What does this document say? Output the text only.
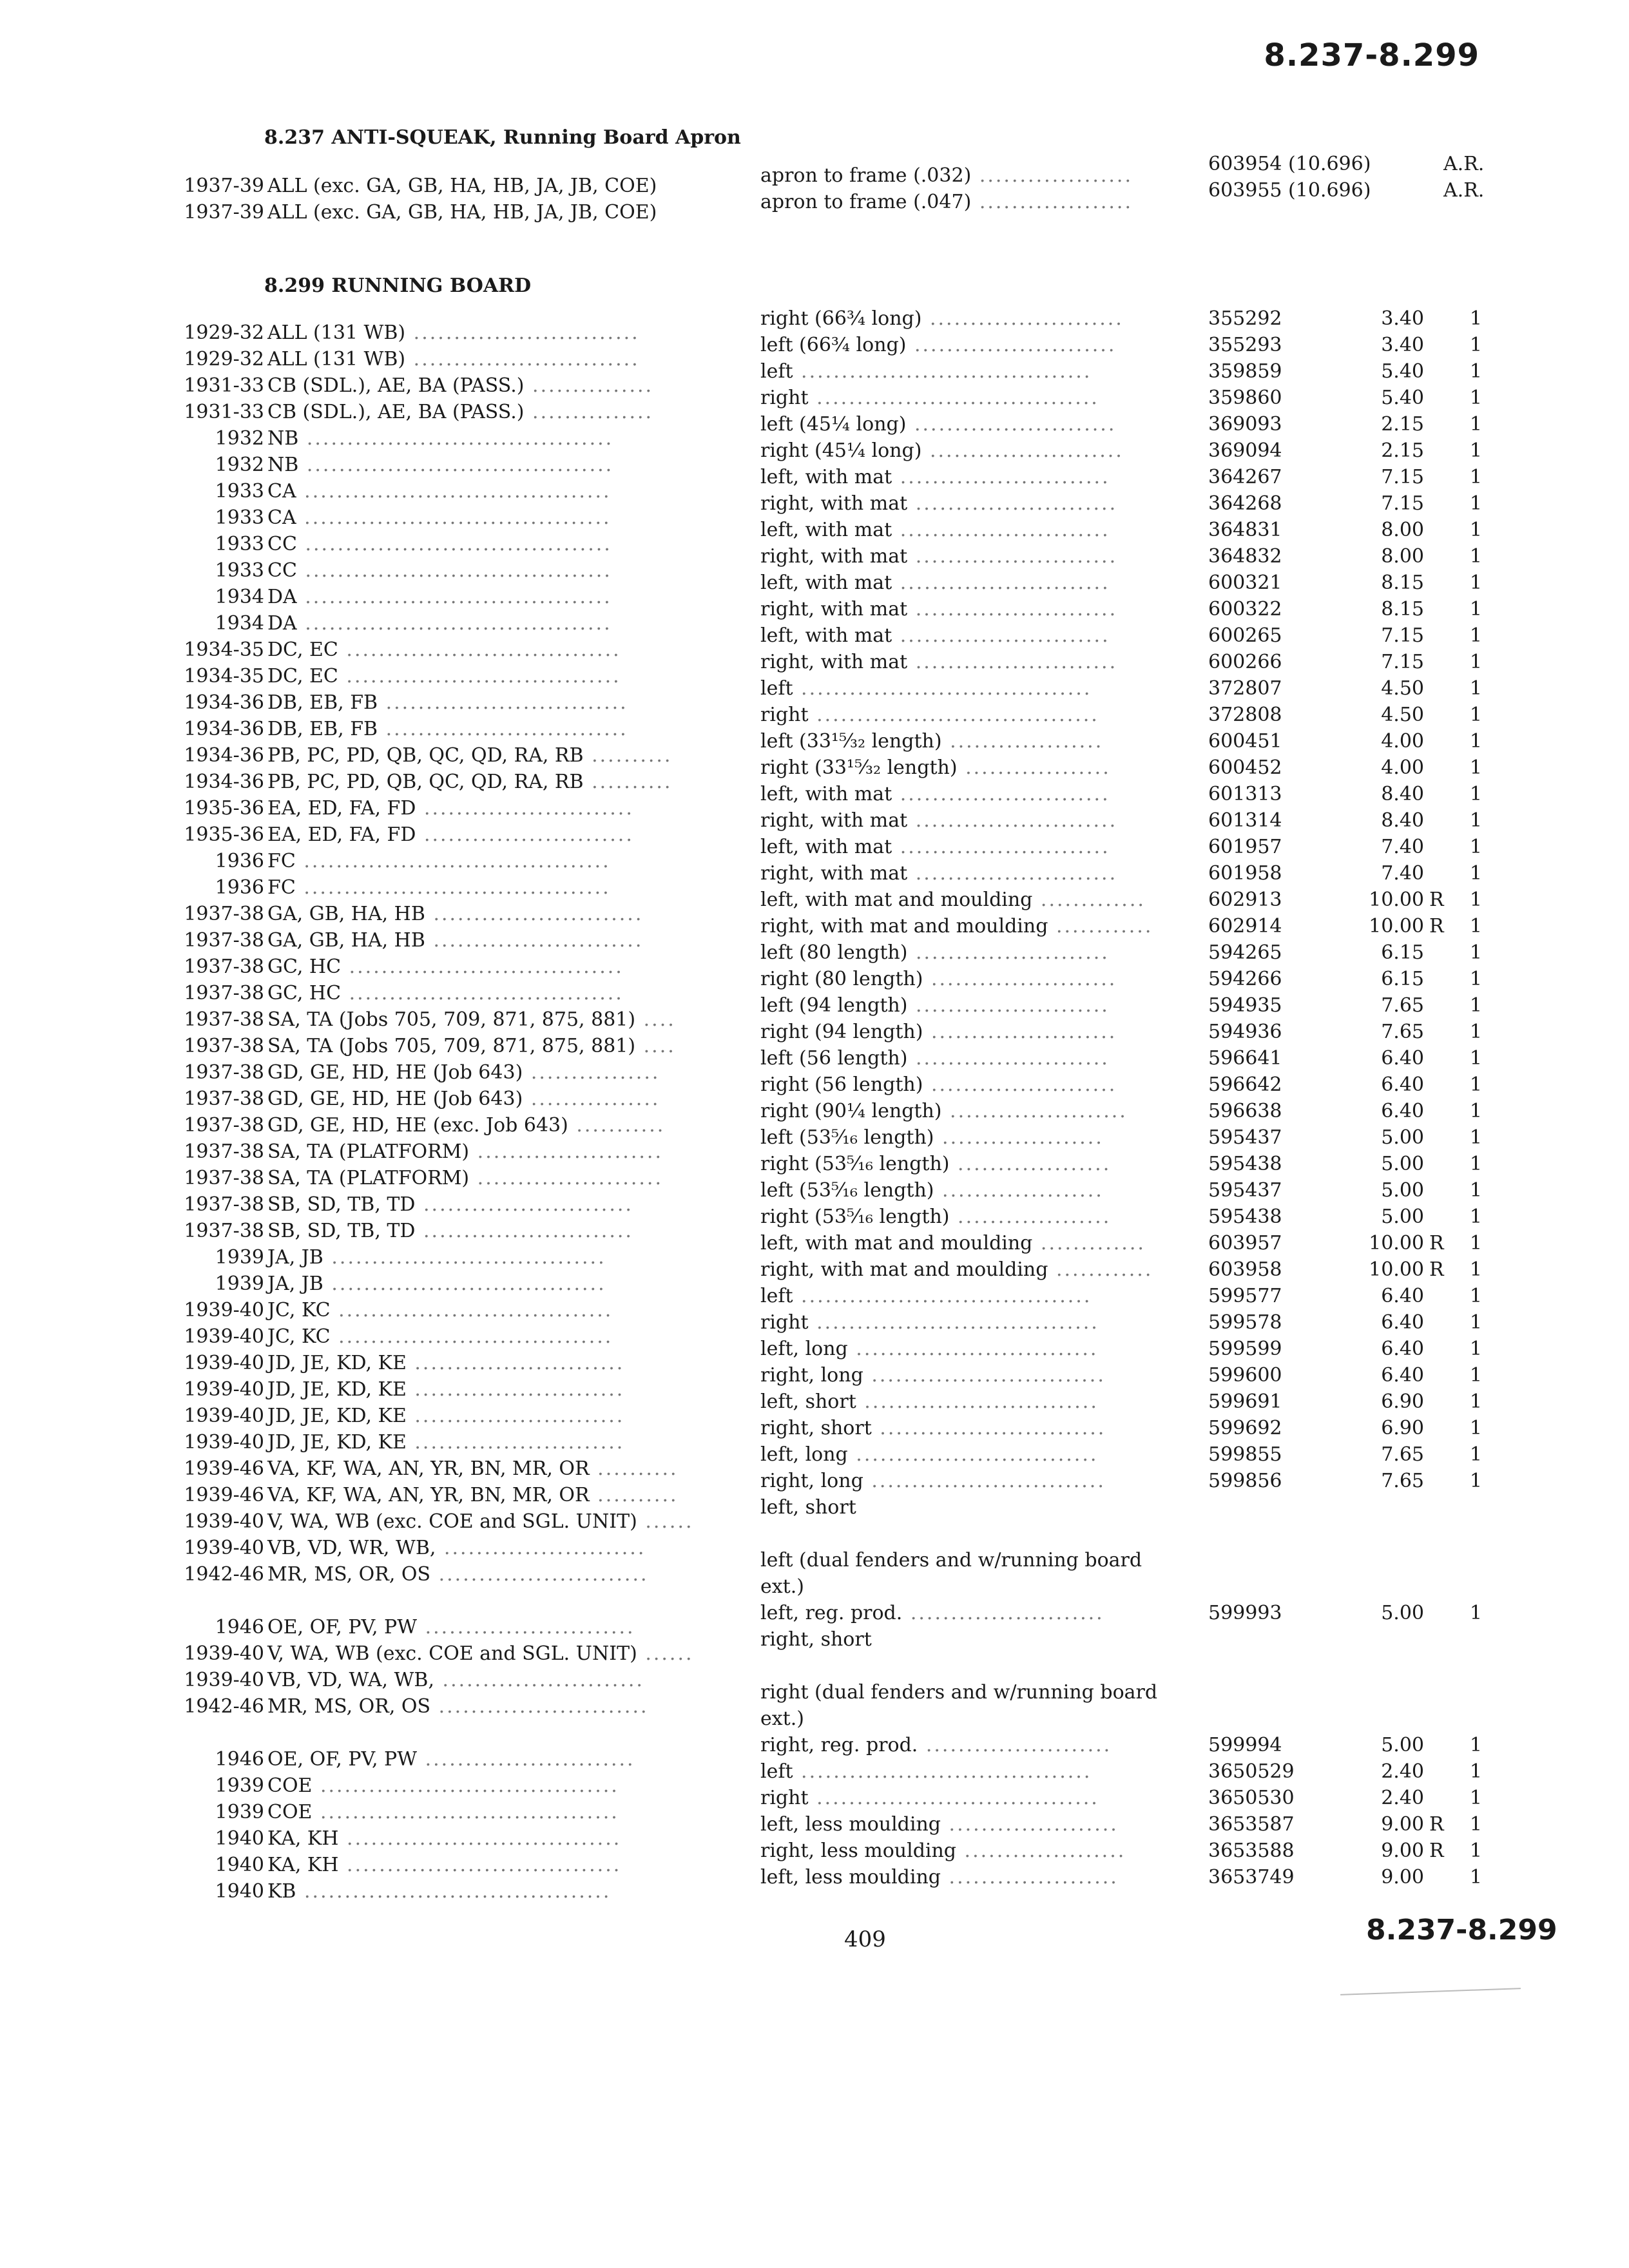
8.237-8.299
8.237 ANTI-SQUEAK, Running Board Apron
1937-39
1937-39
ALL (exc. GA, GB, HA, HB, JA, JB, COE)
ALL (exc. GA, GB, HA, HB, JA, JB, COE)
apron to frame (.032) ...................
apron to frame (.047) ...................
603954 (10.696)
603955 (10.696)
A.R.
A.R.
8.299 RUNNING BOARD
1929-32
1929-32
1931-33
1931-33
1932
1932
1933
1933
1933
1933
1934
1934
1934-35
1934-35
1934-36
1934-36
1934-36
1934-36
1935-36
1935-36
1936
1936
1937-38
1937-38
1937-38
1937-38
1937-38
1937-38
1937-38
1937-38
1937-38
1937-38
1937-38
1937-38
1937-38
1939
1939
1939-40
1939-40
1939-40
1939-40
1939-40
1939-40
1939-46
1939-46
1939-40
1939-40
1942-46
1946
1939-40
1939-40
1942-46
1946
1939
1939
1940
1940
1940
ALL (131 WB) ............................
ALL (131 WB) ............................
CB (SDL.), AE, BA (PASS.) ...............
CB (SDL.), AE, BA (PASS.) ...............
NB ......................................
NB ......................................
CA ......................................
CA ......................................
CC ......................................
CC ......................................
DA ......................................
DA ......................................
DC, EC ..................................
DC, EC ..................................
DB, EB, FB ..............................
DB, EB, FB ..............................
PB, PC, PD, QB, QC, QD, RA, RB ..........
PB, PC, PD, QB, QC, QD, RA, RB ..........
EA, ED, FA, FD ..........................
EA, ED, FA, FD ..........................
FC ......................................
FC ......................................
GA, GB, HA, HB ..........................
GA, GB, HA, HB ..........................
GC, HC ..................................
GC, HC ..................................
SA, TA (Jobs 705, 709, 871, 875, 881) ....
SA, TA (Jobs 705, 709, 871, 875, 881) ....
GD, GE, HD, HE (Job 643) ................
GD, GE, HD, HE (Job 643) ................
GD, GE, HD, HE (exc. Job 643) ...........
SA, TA (PLATFORM) .......................
SA, TA (PLATFORM) .......................
SB, SD, TB, TD ..........................
SB, SD, TB, TD ..........................
JA, JB ..................................
JA, JB ..................................
JC, KC ..................................
JC, KC ..................................
JD, JE, KD, KE ..........................
JD, JE, KD, KE ..........................
JD, JE, KD, KE ..........................
JD, JE, KD, KE ..........................
VA, KF, WA, AN, YR, BN, MR, OR ..........
VA, KF, WA, AN, YR, BN, MR, OR ..........
V, WA, WB (exc. COE and SGL. UNIT) ......
VB, VD, WR, WB, .........................
MR, MS, OR, OS ..........................
OE, OF, PV, PW ..........................
V, WA, WB (exc. COE and SGL. UNIT) ......
VB, VD, WA, WB, .........................
MR, MS, OR, OS ..........................
OE, OF, PV, PW ..........................
COE .....................................
COE .....................................
KA, KH ..................................
KA, KH ..................................
KB ......................................
right (66¾ long) ........................
left (66¾ long) .........................
left ....................................
right ...................................
left (45¼ long) .........................
right (45¼ long) ........................
left, with mat ..........................
right, with mat .........................
left, with mat ..........................
right, with mat .........................
left, with mat ..........................
right, with mat .........................
left, with mat ..........................
right, with mat .........................
left ....................................
right ...................................
left (33¹⁵⁄₃₂ length) ...................
right (33¹⁵⁄₃₂ length) ..................
left, with mat ..........................
right, with mat .........................
left, with mat ..........................
right, with mat .........................
left, with mat and moulding .............
right, with mat and moulding ............
left (80 length) ........................
right (80 length) .......................
left (94 length) ........................
right (94 length) .......................
left (56 length) ........................
right (56 length) .......................
right (90¼ length) ......................
left (53⁵⁄₁₆ length) ....................
right (53⁵⁄₁₆ length) ...................
left (53⁵⁄₁₆ length) ....................
right (53⁵⁄₁₆ length) ...................
left, with mat and moulding .............
right, with mat and moulding ............
left ....................................
right ...................................
left, long ..............................
right, long .............................
left, short .............................
right, short ............................
left, long ..............................
right, long .............................
left, short
left (dual fenders and w/running board
ext.)
left, reg. prod. ........................
right, short
right (dual fenders and w/running board
ext.)
right, reg. prod. .......................
left ....................................
right ...................................
left, less moulding .....................
right, less moulding ....................
left, less moulding .....................
355292
355293
359859
359860
369093
369094
364267
364268
364831
364832
600321
600322
600265
600266
372807
372808
600451
600452
601313
601314
601957
601958
602913
602914
594265
594266
594935
594936
596641
596642
596638
595437
595438
595437
595438
603957
603958
599577
599578
599599
599600
599691
599692
599855
599856
599993
599994
3650529
3650530
3653587
3653588
3653749
3.40
3.40
5.40
5.40
2.15
2.15
7.15
7.15
8.00
8.00
8.15
8.15
7.15
7.15
4.50
4.50
4.00
4.00
8.40
8.40
7.40
7.40
10.00
10.00
6.15
6.15
7.65
7.65
6.40
6.40
6.40
5.00
5.00
5.00
5.00
10.00
10.00
6.40
6.40
6.40
6.40
6.90
6.90
7.65
7.65
5.00
5.00
2.40
2.40
9.00
9.00
9.00
R
R
R
R
R
R
1
1
1
1
1
1
1
1
1
1
1
1
1
1
1
1
1
1
1
1
1
1
1
1
1
1
1
1
1
1
1
1
1
1
1
1
1
1
1
1
1
1
1
1
1
1
1
1
1
1
1
1
409	8.237-8.299
